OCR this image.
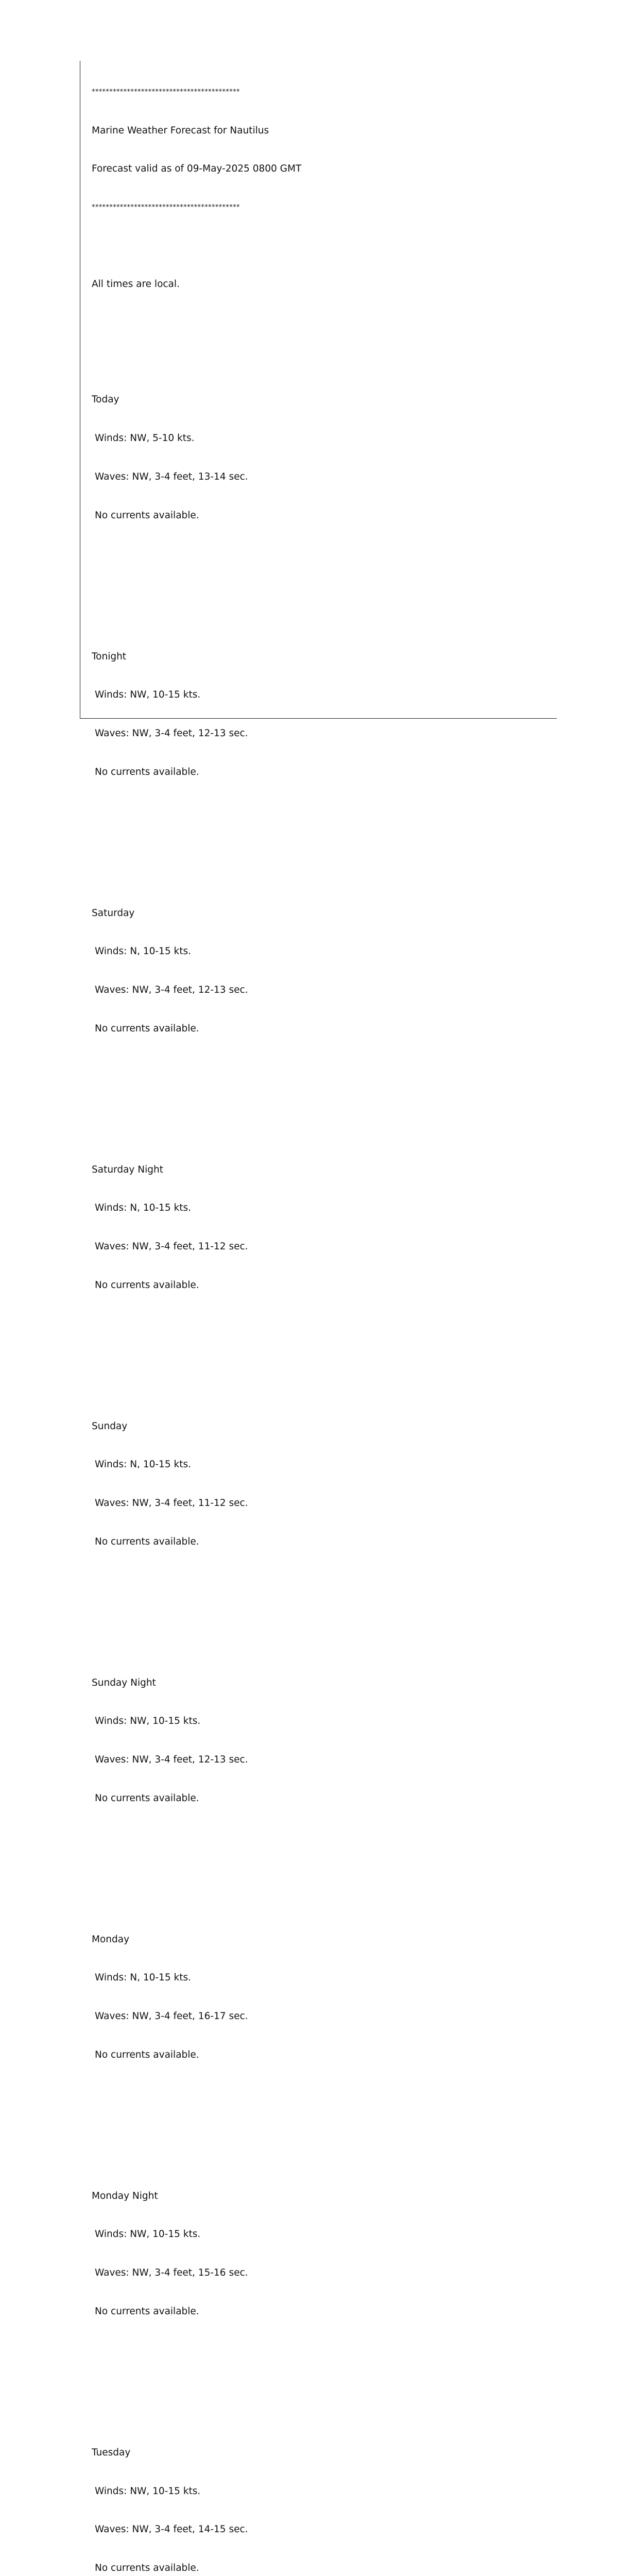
******************************************

Marine Weather Forecast for Nautilus

Forecast valid as of 09-May-2025 0800 GMT

******************************************

All times are local.

Today

Winds: NW, 5-10 kts.

Waves: NW, 3-4 feet, 13-14 sec.

No currents available.

Tonight

Winds: NW, 10-15 kts.

Waves: NW, 3-4 feet, 12-13 sec.

No currents available.

Saturday

Winds: N, 10-15 kts.

Waves: NW, 3-4 feet, 12-13 sec.

No currents available.

Saturday Night

Winds: N, 10-15 kts.

Waves: NW, 3-4 feet, 11-12 sec.

No currents available.

Sunday

Winds: N, 10-15 kts.

Waves: NW, 3-4 feet, 11-12 sec.

No currents available.

Sunday Night

Winds: NW, 10-15 kts.

Waves: NW, 3-4 feet, 12-13 sec.

No currents available.

Monday

Winds: N, 10-15 kts.

Waves: NW, 3-4 feet, 16-17 sec.

No currents available.

Monday Night

Winds: NW, 10-15 kts.

Waves: NW, 3-4 feet, 15-16 sec.

No currents available.

Tuesday

Winds: NW, 10-15 kts.

Waves: NW, 3-4 feet, 14-15 sec.

No currents available.
